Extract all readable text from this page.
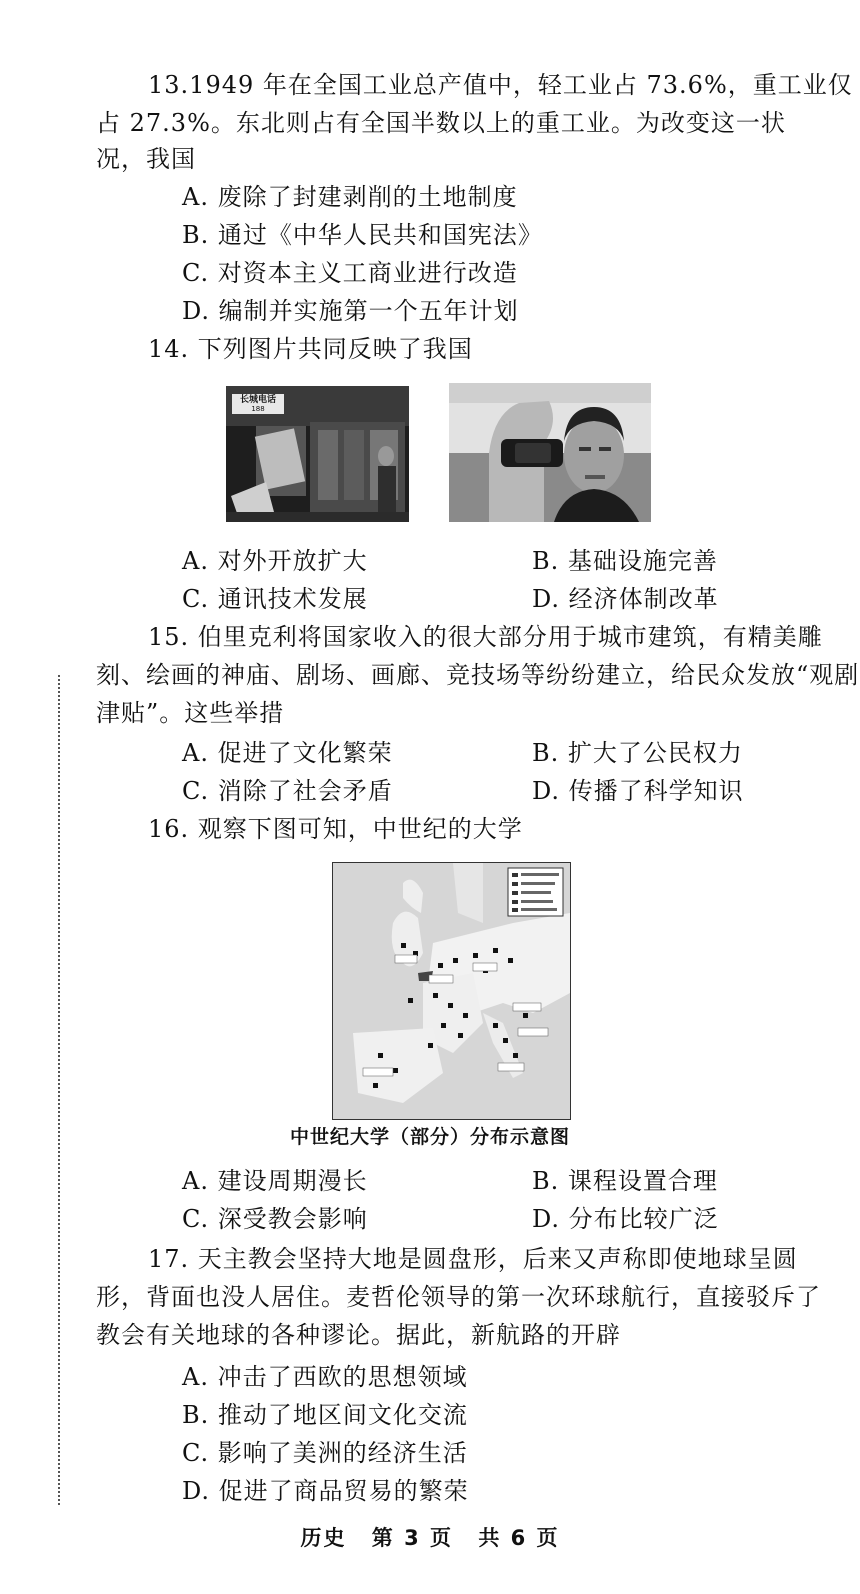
13.1949 年在全国工业总产值中，轻工业占 73.6%，重工业仅
占 27.3%。东北则占有全国半数以上的重工业。为改变这一状
况，我国
A. 废除了封建剥削的土地制度
B. 通过《中华人民共和国宪法》
C. 对资本主义工商业进行改造
D. 编制并实施第一个五年计划
14. 下列图片共同反映了我国
长城电话
188
A. 对外开放扩大	B. 基础设施完善
C. 通讯技术发展	D. 经济体制改革
15. 伯里克利将国家收入的很大部分用于城市建筑，有精美雕
刻、绘画的神庙、剧场、画廊、竞技场等纷纷建立，给民众发放“观剧
津贴”。这些举措
A. 促进了文化繁荣	B. 扩大了公民权力
C. 消除了社会矛盾	D. 传播了科学知识
16. 观察下图可知，中世纪的大学
中世纪大学（部分）分布示意图
A. 建设周期漫长	B. 课程设置合理
C. 深受教会影响	D. 分布比较广泛
17. 天主教会坚持大地是圆盘形，后来又声称即使地球呈圆
形，背面也没人居住。麦哲伦领导的第一次环球航行，直接驳斥了
教会有关地球的各种谬论。据此，新航路的开辟
A. 冲击了西欧的思想领域
B. 推动了地区间文化交流
C. 影响了美洲的经济生活
D. 促进了商品贸易的繁荣
历史 第 3 页 共 6 页
